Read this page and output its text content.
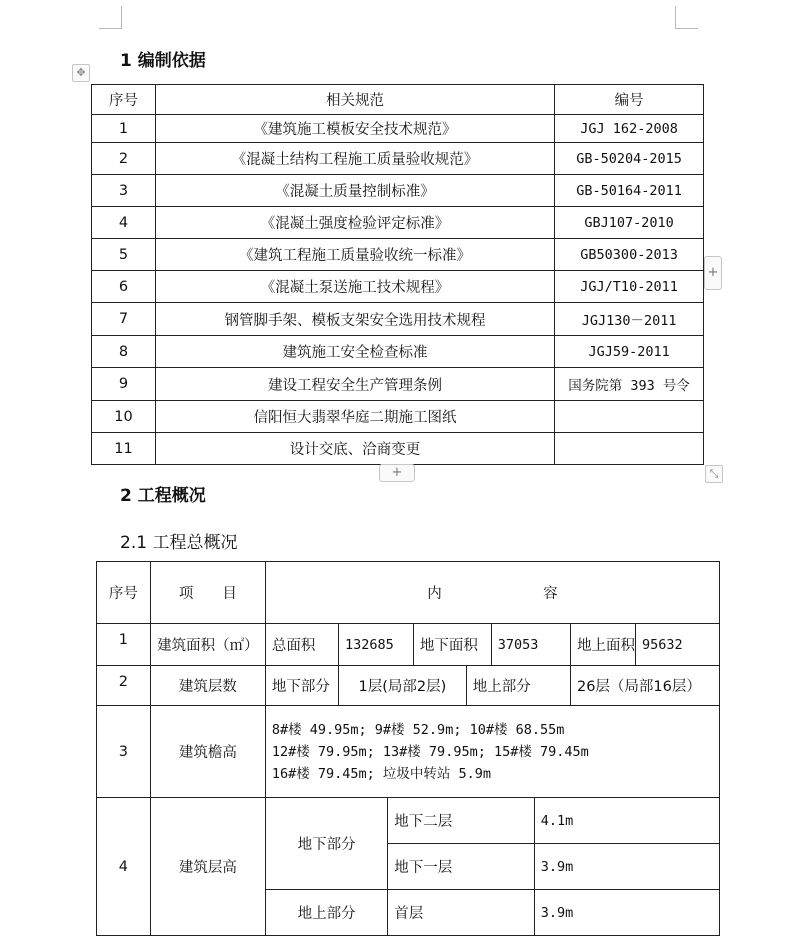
1 编制依据
✥
序号	相关规范	编号
1	《建筑施工模板安全技术规范》	JGJ 162-2008
2	《混凝土结构工程施工质量验收规范》	GB-50204-2015
3	《混凝土质量控制标准》	GB-50164-2011
4	《混凝土强度检验评定标准》	GBJ107-2010
5	《建筑工程施工质量验收统一标准》	GB50300-2013
6	《混凝土泵送施工技术规程》	JGJ/T10-2011
7	钢管脚手架、模板支架安全选用技术规程	JGJ130－2011
8	建筑施工安全检查标准	JGJ59-2011
9	建设工程安全生产管理条例	国务院第 393 号令
10	信阳恒大翡翠华庭二期施工图纸	
11	设计交底、洽商变更	
+
+	⤡
2 工程概况
2.1 工程总概况
序号	项　　目	内　　　　　　　容								
1	建筑面积（㎡）	总面积	132685		地下面积		37053		地上面积	95632
2	建筑层数	地下部分	1层(局部2层)			地上部分			26层（局部16层）	
3	建筑檐高	8#楼 49.95m; 9#楼 52.9m; 10#楼 68.55m
12#楼 79.95m; 13#楼 79.95m; 15#楼 79.45m
16#楼 79.45m; 垃圾中转站 5.9m								

4	建筑层高	地下部分		地下二层				4.1m		
				地下一层				3.9m		
		地上部分		首层				3.9m		
